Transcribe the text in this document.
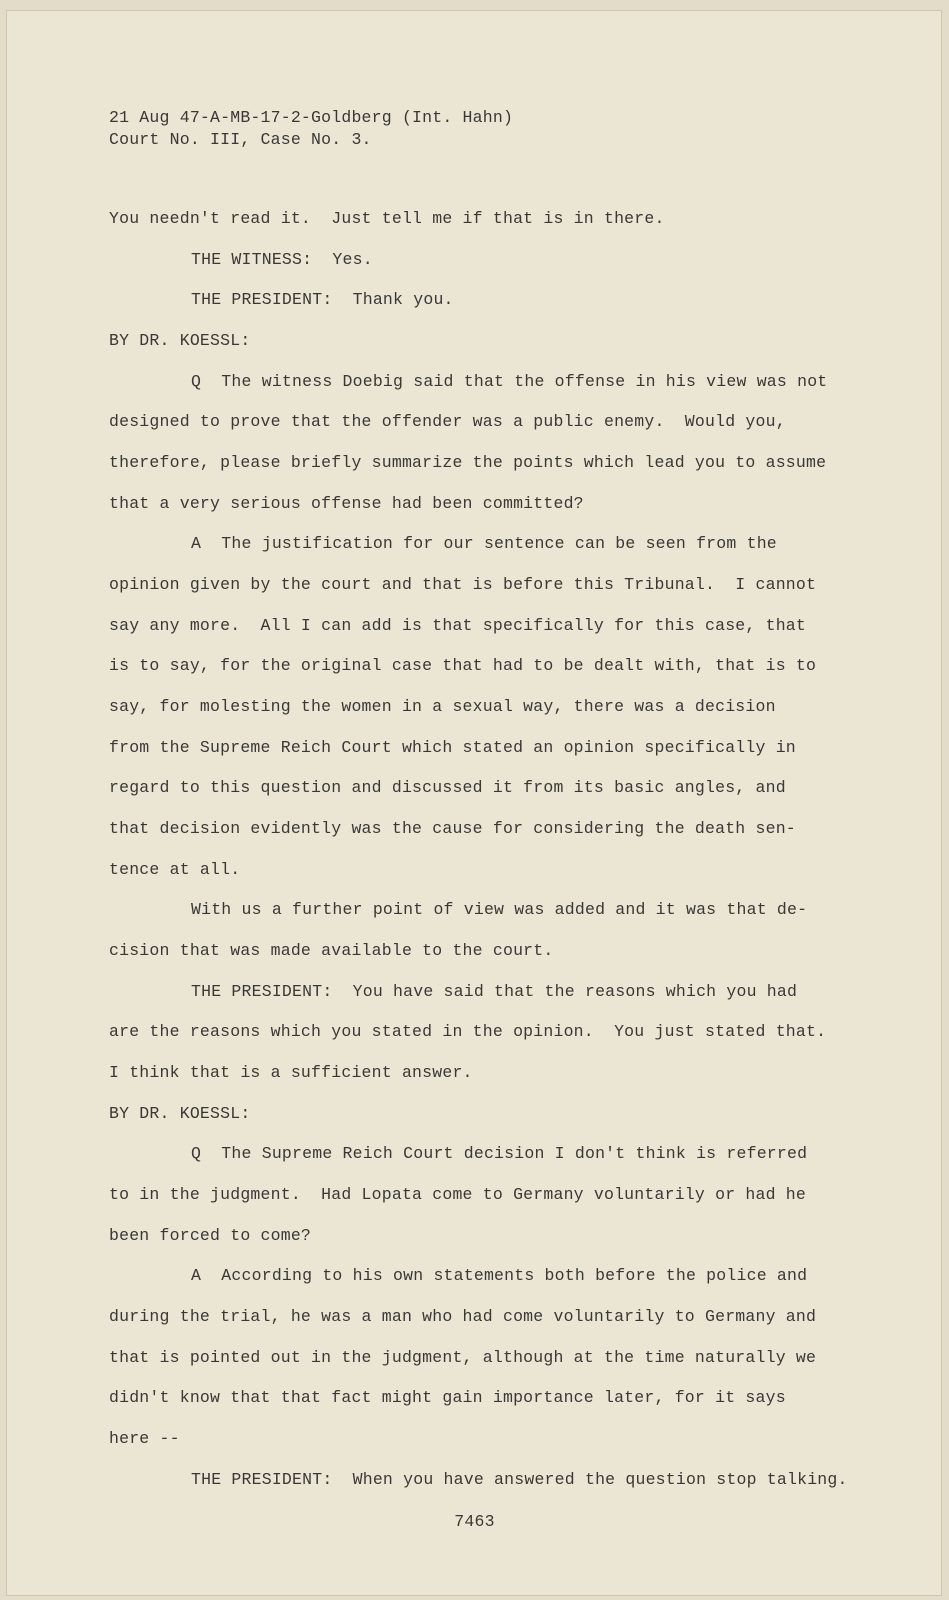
21 Aug 47-A-MB-17-2-Goldberg (Int. Hahn)
Court No. III, Case No. 3.
You needn't read it.  Just tell me if that is in there.
THE WITNESS:  Yes.
THE PRESIDENT:  Thank you.
BY DR. KOESSL:
Q  The witness Doebig said that the offense in his view was not
designed to prove that the offender was a public enemy.  Would you,
therefore, please briefly summarize the points which lead you to assume
that a very serious offense had been committed?
A  The justification for our sentence can be seen from the
opinion given by the court and that is before this Tribunal.  I cannot
say any more.  All I can add is that specifically for this case, that
is to say, for the original case that had to be dealt with, that is to
say, for molesting the women in a sexual way, there was a decision
from the Supreme Reich Court which stated an opinion specifically in
regard to this question and discussed it from its basic angles, and
that decision evidently was the cause for considering the death sen-
tence at all.
With us a further point of view was added and it was that de-
cision that was made available to the court.
THE PRESIDENT:  You have said that the reasons which you had
are the reasons which you stated in the opinion.  You just stated that.
I think that is a sufficient answer.
BY DR. KOESSL:
Q  The Supreme Reich Court decision I don't think is referred
to in the judgment.  Had Lopata come to Germany voluntarily or had he
been forced to come?
A  According to his own statements both before the police and
during the trial, he was a man who had come voluntarily to Germany and
that is pointed out in the judgment, although at the time naturally we
didn't know that that fact might gain importance later, for it says
here --
THE PRESIDENT:  When you have answered the question stop talking.
7463
